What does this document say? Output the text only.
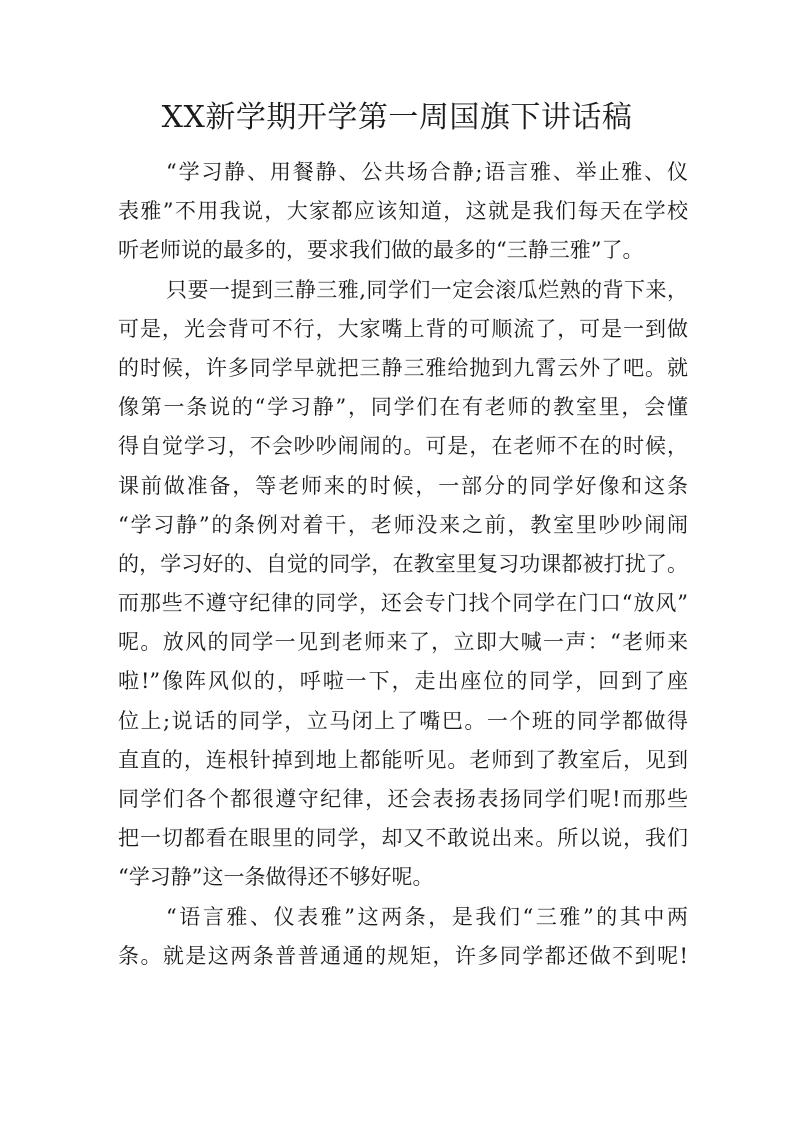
XX新学期开学第一周国旗下讲话稿
“学习静、用餐静、公共场合静;语言雅、举止雅、仪
表雅”不用我说，大家都应该知道，这就是我们每天在学校
听老师说的最多的，要求我们做的最多的“三静三雅”了。
只要一提到三静三雅,同学们一定会滚瓜烂熟的背下来，
可是，光会背可不行，大家嘴上背的可顺流了，可是一到做
的时候，许多同学早就把三静三雅给抛到九霄云外了吧。就
像第一条说的“学习静”，同学们在有老师的教室里，会懂
得自觉学习，不会吵吵闹闹的。可是，在老师不在的时候，
课前做准备，等老师来的时候，一部分的同学好像和这条
“学习静”的条例对着干，老师没来之前，教室里吵吵闹闹
的，学习好的、自觉的同学，在教室里复习功课都被打扰了。
而那些不遵守纪律的同学，还会专门找个同学在门口“放风”
呢。放风的同学一见到老师来了，立即大喊一声：“老师来
啦!”像阵风似的，呼啦一下，走出座位的同学，回到了座
位上;说话的同学，立马闭上了嘴巴。一个班的同学都做得
直直的，连根针掉到地上都能听见。老师到了教室后，见到
同学们各个都很遵守纪律，还会表扬表扬同学们呢!而那些
把一切都看在眼里的同学，却又不敢说出来。所以说，我们
“学习静”这一条做得还不够好呢。
“语言雅、仪表雅”这两条，是我们“三雅”的其中两
条。就是这两条普普通通的规矩，许多同学都还做不到呢!
